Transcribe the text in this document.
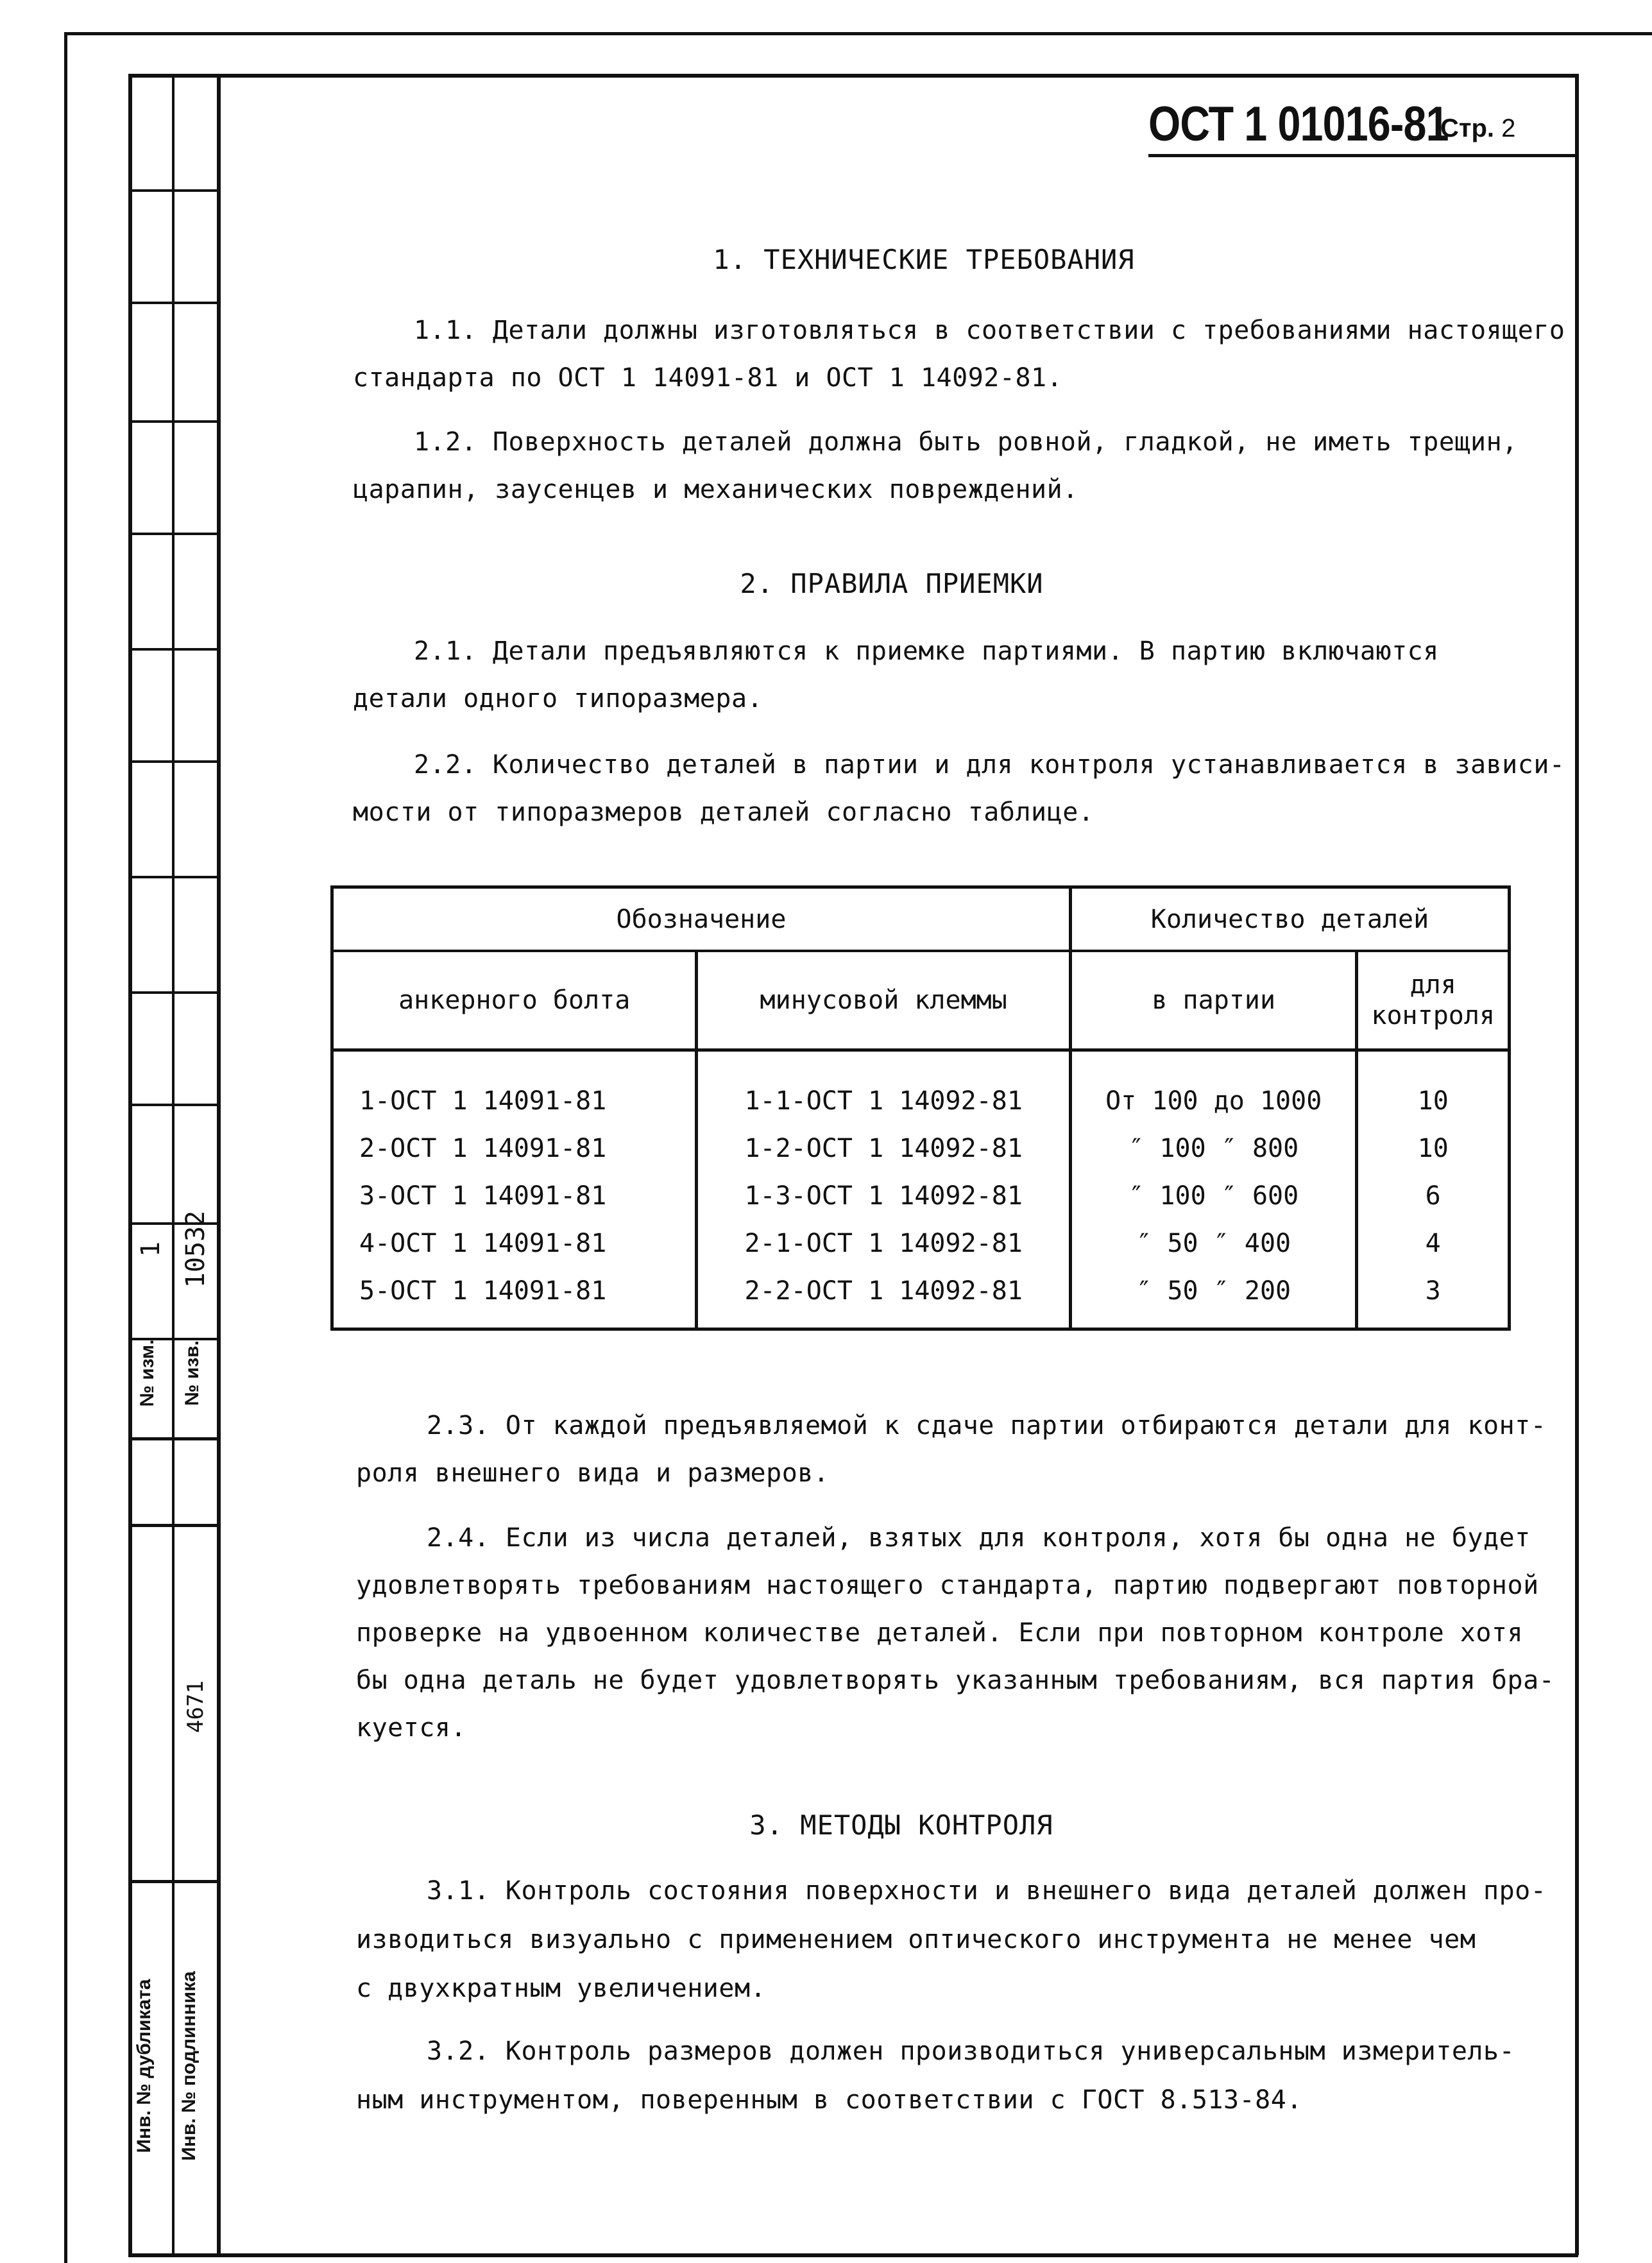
1 10532
№ изм. № изв.
4671
Инв. № дубликата Инв. № подлинника
ОСТ 1 01016-81
Стр. 2
1. ТЕХНИЧЕСКИЕ ТРЕБОВАНИЯ
1.1. Детали должны изготовляться в соответствии с требованиями настоящего
стандарта по ОСТ 1 14091-81 и ОСТ 1 14092-81.
1.2. Поверхность деталей должна быть ровной, гладкой, не иметь трещин,
царапин, заусенцев и механических повреждений.
2. ПРАВИЛА ПРИЕМКИ
2.1. Детали предъявляются к приемке партиями. В партию включаются
детали одного типоразмера.
2.2. Количество деталей в партии и для контроля устанавливается в зависи-
мости от типоразмеров деталей согласно таблице.
Обозначение		Количество деталей	
анкерного болта	минусовой клеммы	в партии	для
контроля

1-ОСТ 1 14091-81	1-1-ОСТ 1 14092-81	От 100 до 1000	10
2-ОСТ 1 14091-81	1-2-ОСТ 1 14092-81	″ 100 ″ 800	10
3-ОСТ 1 14091-81	1-3-ОСТ 1 14092-81	″ 100 ″ 600	6
4-ОСТ 1 14091-81	2-1-ОСТ 1 14092-81	″ 50 ″ 400	4
5-ОСТ 1 14091-81	2-2-ОСТ 1 14092-81	″ 50 ″ 200	3
2.3. От каждой предъявляемой к сдаче партии отбираются детали для конт-
роля внешнего вида и размеров.
2.4. Если из числа деталей, взятых для контроля, хотя бы одна не будет
удовлетворять требованиям настоящего стандарта, партию подвергают повторной
проверке на удвоенном количестве деталей. Если при повторном контроле хотя
бы одна деталь не будет удовлетворять указанным требованиям, вся партия бра-
куется.
3. МЕТОДЫ КОНТРОЛЯ
3.1. Контроль состояния поверхности и внешнего вида деталей должен про-
изводиться визуально с применением оптического инструмента не менее чем
с двухкратным увеличением.
3.2. Контроль размеров должен производиться универсальным измеритель-
ным инструментом, поверенным в соответствии с ГОСТ 8.513-84.
